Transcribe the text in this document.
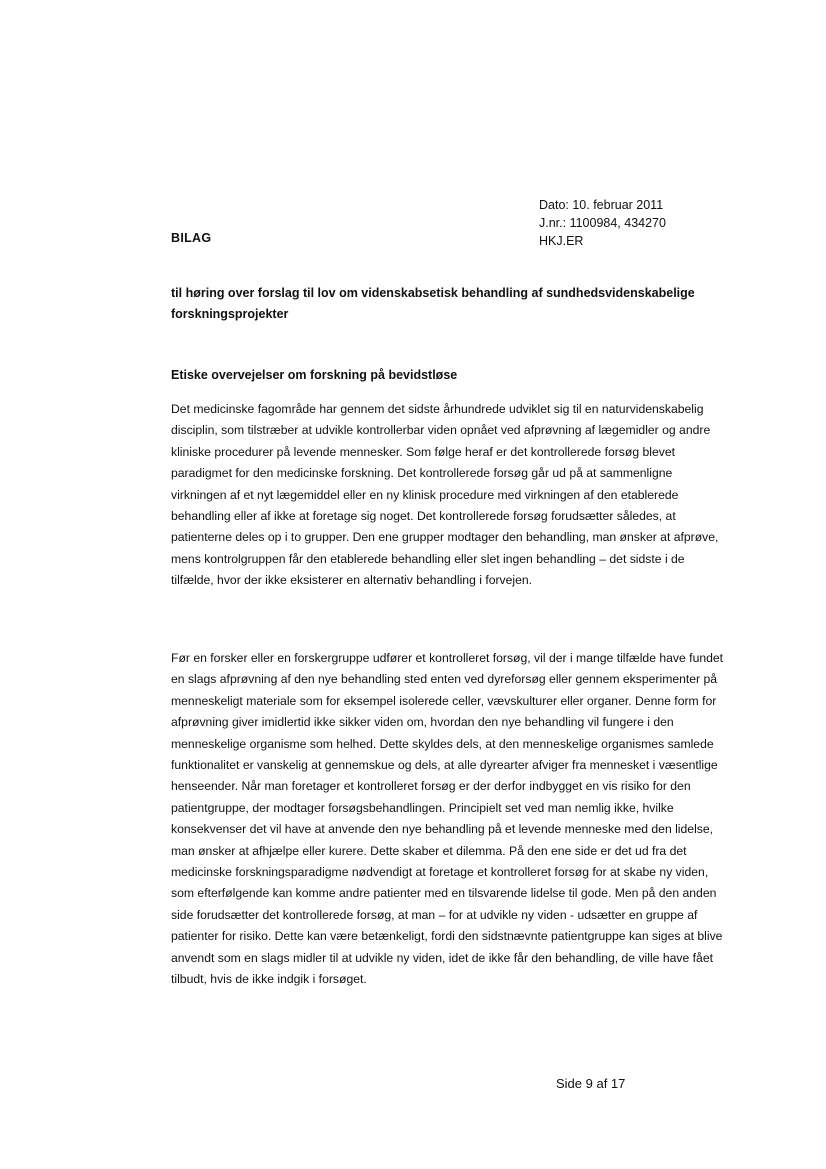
Dato: 10. februar 2011
J.nr.: 1100984, 434270
HKJ.ER
BILAG
til høring over forslag til lov om videnskabsetisk behandling af sundhedsvidenskabelige forskningsprojekter
Etiske overvejelser om forskning på bevidstløse

Det medicinske fagområde har gennem det sidste århundrede udviklet sig til en naturvidenskabelig disciplin, som tilstræber at udvikle kontrollerbar viden opnået ved afprøvning af lægemidler og andre kliniske procedurer på levende mennesker. Som følge heraf er det kontrollerede forsøg blevet paradigmet for den medicinske forskning. Det kontrollerede forsøg går ud på at sammenligne virkningen af et nyt lægemiddel eller en ny klinisk procedure med virkningen af den etablerede behandling eller af ikke at foretage sig noget. Det kontrollerede forsøg forudsætter således, at patienterne deles op i to grupper. Den ene grupper modtager den behandling, man ønsker at afprøve, mens kontrolgruppen får den etablerede behandling eller slet ingen behandling – det sidste i de tilfælde, hvor der ikke eksisterer en alternativ behandling i forvejen.

Før en forsker eller en forskergruppe udfører et kontrolleret forsøg, vil der i mange tilfælde have fundet en slags afprøvning af den nye behandling sted enten ved dyreforsøg eller gennem eksperimenter på menneskeligt materiale som for eksempel isolerede celler, vævskulturer eller organer. Denne form for afprøvning giver imidlertid ikke sikker viden om, hvordan den nye behandling vil fungere i den menneskelige organisme som helhed. Dette skyldes dels, at den menneskelige organismes samlede funktionalitet er vanskelig at gennemskue og dels, at alle dyrearter afviger fra mennesket i væsentlige henseender. Når man foretager et kontrolleret forsøg er der derfor indbygget en vis risiko for den patientgruppe, der modtager forsøgsbehandlingen. Principielt set ved man nemlig ikke, hvilke konsekvenser det vil have at anvende den nye behandling på et levende menneske med den lidelse, man ønsker at afhjælpe eller kurere. Dette skaber et dilemma. På den ene side er det ud fra det medicinske forskningsparadigme nødvendigt at foretage et kontrolleret forsøg for at skabe ny viden, som efterfølgende kan komme andre patienter med en tilsvarende lidelse til gode. Men på den anden side forudsætter det kontrollerede forsøg, at man – for at udvikle ny viden - udsætter en gruppe af patienter for risiko. Dette kan være betænkeligt, fordi den sidstnævnte patientgruppe kan siges at blive anvendt som en slags midler til at udvikle ny viden, idet de ikke får den behandling, de ville have fået tilbudt, hvis de ikke indgik i forsøget.

Side 9 af 17
